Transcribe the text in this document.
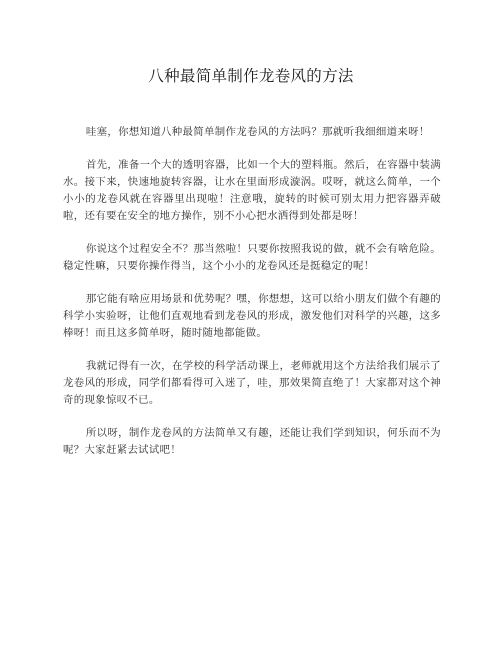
八种最简单制作龙卷风的方法

哇塞，你想知道八种最简单制作龙卷风的方法吗？那就听我细细道来呀！

首先，准备一个大的透明容器，比如一个大的塑料瓶。然后，在容器中装满水。接下来，快速地旋转容器，让水在里面形成漩涡。哎呀，就这么简单，一个小小的龙卷风就在容器里出现啦！注意哦，旋转的时候可别太用力把容器弄破啦，还有要在安全的地方操作，别不小心把水洒得到处都是呀！

你说这个过程安全不？那当然啦！只要你按照我说的做，就不会有啥危险。稳定性嘛，只要你操作得当，这个小小的龙卷风还是挺稳定的呢！

那它能有啥应用场景和优势呢？嘿，你想想，这可以给小朋友们做个有趣的科学小实验呀，让他们直观地看到龙卷风的形成，激发他们对科学的兴趣，这多棒呀！而且这多简单呀，随时随地都能做。

我就记得有一次，在学校的科学活动课上，老师就用这个方法给我们展示了龙卷风的形成，同学们都看得可入迷了，哇，那效果简直绝了！大家都对这个神奇的现象惊叹不已。

所以呀，制作龙卷风的方法简单又有趣，还能让我们学到知识，何乐而不为呢？大家赶紧去试试吧！
